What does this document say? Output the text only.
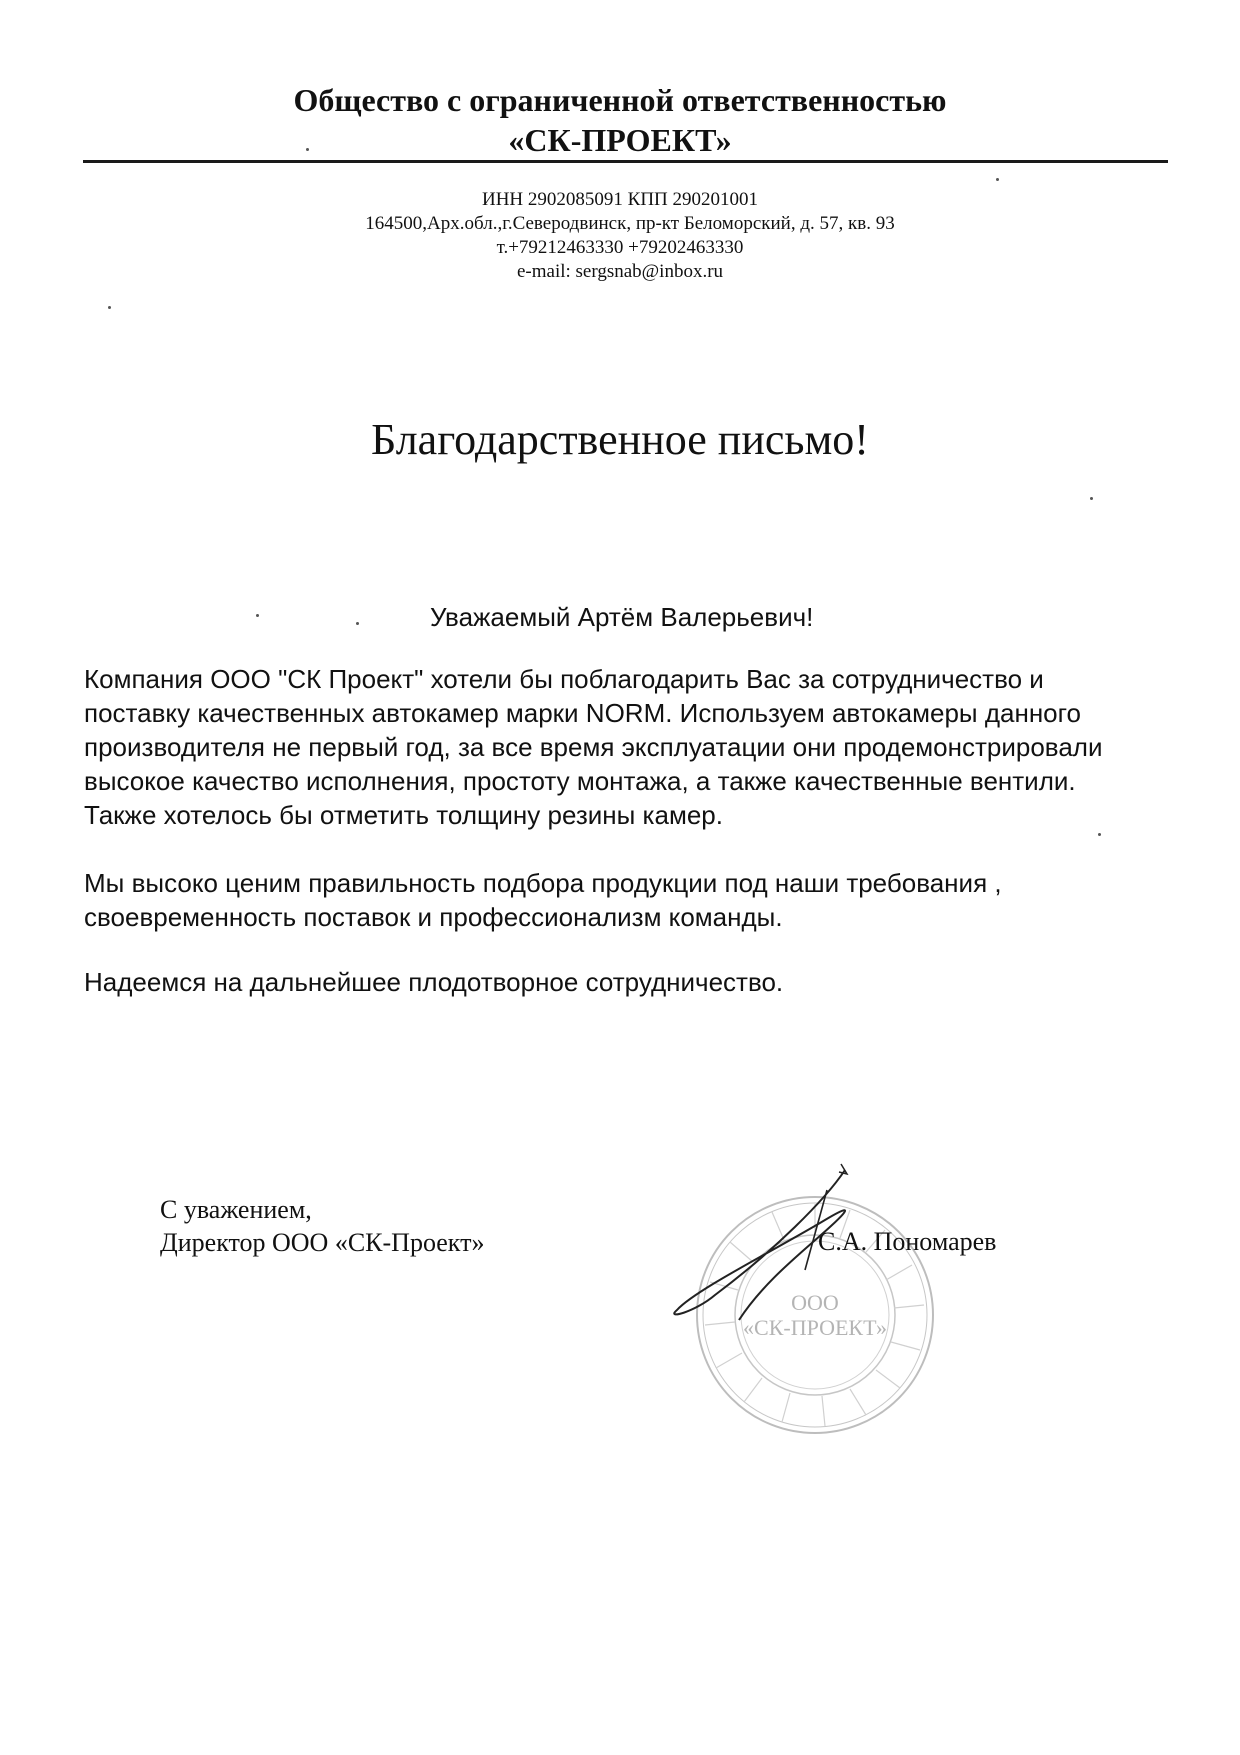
Общество с ограниченной ответственностью
«СК-ПРОЕКТ»
ИНН 2902085091 КПП 290201001
164500,Арх.обл.,г.Северодвинск, пр-кт Беломорский, д. 57, кв. 93
т.+79212463330 +79202463330
e-mail: sergsnab@inbox.ru
Благодарственное письмо!
Уважаемый Артём Валерьевич!
Компания ООО "СК Проект" хотели бы поблагодарить Вас за сотрудничество и
поставку качественных автокамер марки NORM. Используем автокамеры данного
производителя не первый год, за все время эксплуатации они продемонстрировали
высокое качество исполнения, простоту монтажа, а также качественные вентили.
Также хотелось бы отметить толщину резины камер.
Мы высоко ценим правильность подбора продукции под наши требования ,
своевременность поставок и профессионализм команды.
Надеемся на дальнейшее плодотворное сотрудничество.
С уважением,
Директор ООО «СК-Проект»
ООО
«СК-ПРОЕКТ»
С.А. Пономарев
